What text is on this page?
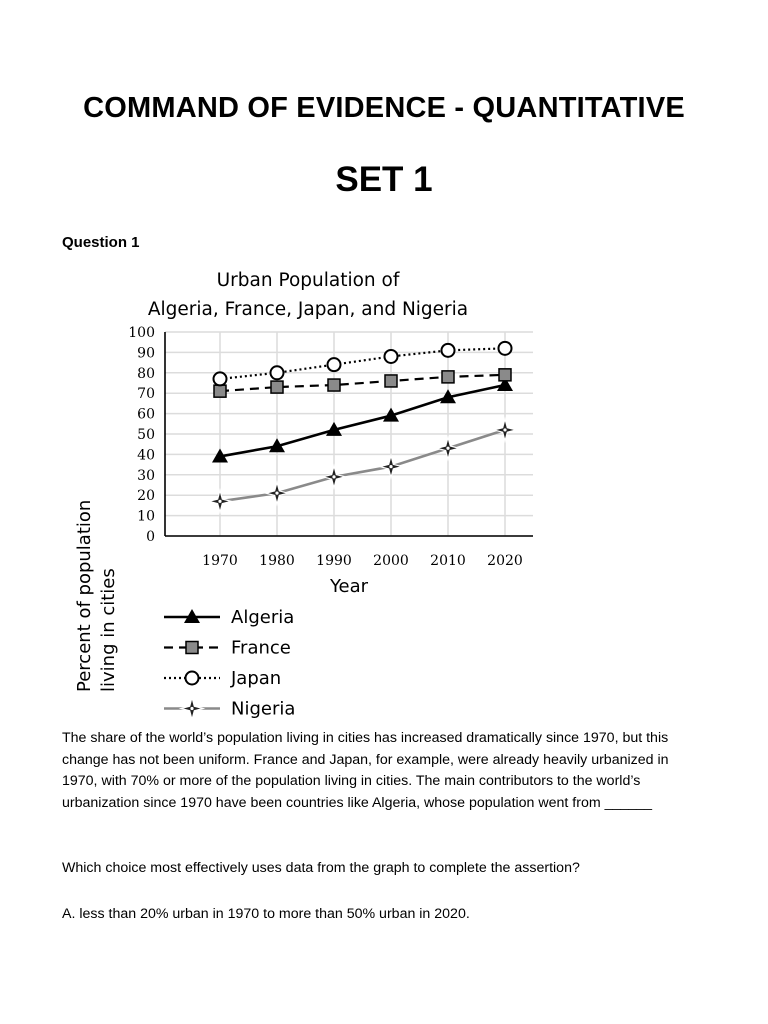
COMMAND OF EVIDENCE - QUANTITATIVE
SET 1
Question 1
Urban Population of
Algeria, France, Japan, and Nigeria
Percent of population living in cities
0
10
20
30
40
50
60
70
80
90
100
1970 1980 1990 2000 2010 2020
Year
Algeria
France
Japan
Nigeria
The share of the world’s population living in cities has increased dramatically since 1970, but this change has not been uniform. France and Japan, for example, were already heavily urbanized in 1970, with 70% or more of the population living in cities. The main contributors to the world’s urbanization since 1970 have been countries like Algeria, whose population went from ______
Which choice most effectively uses data from the graph to complete the assertion?
A. less than 20% urban in 1970 to more than 50% urban in 2020.
